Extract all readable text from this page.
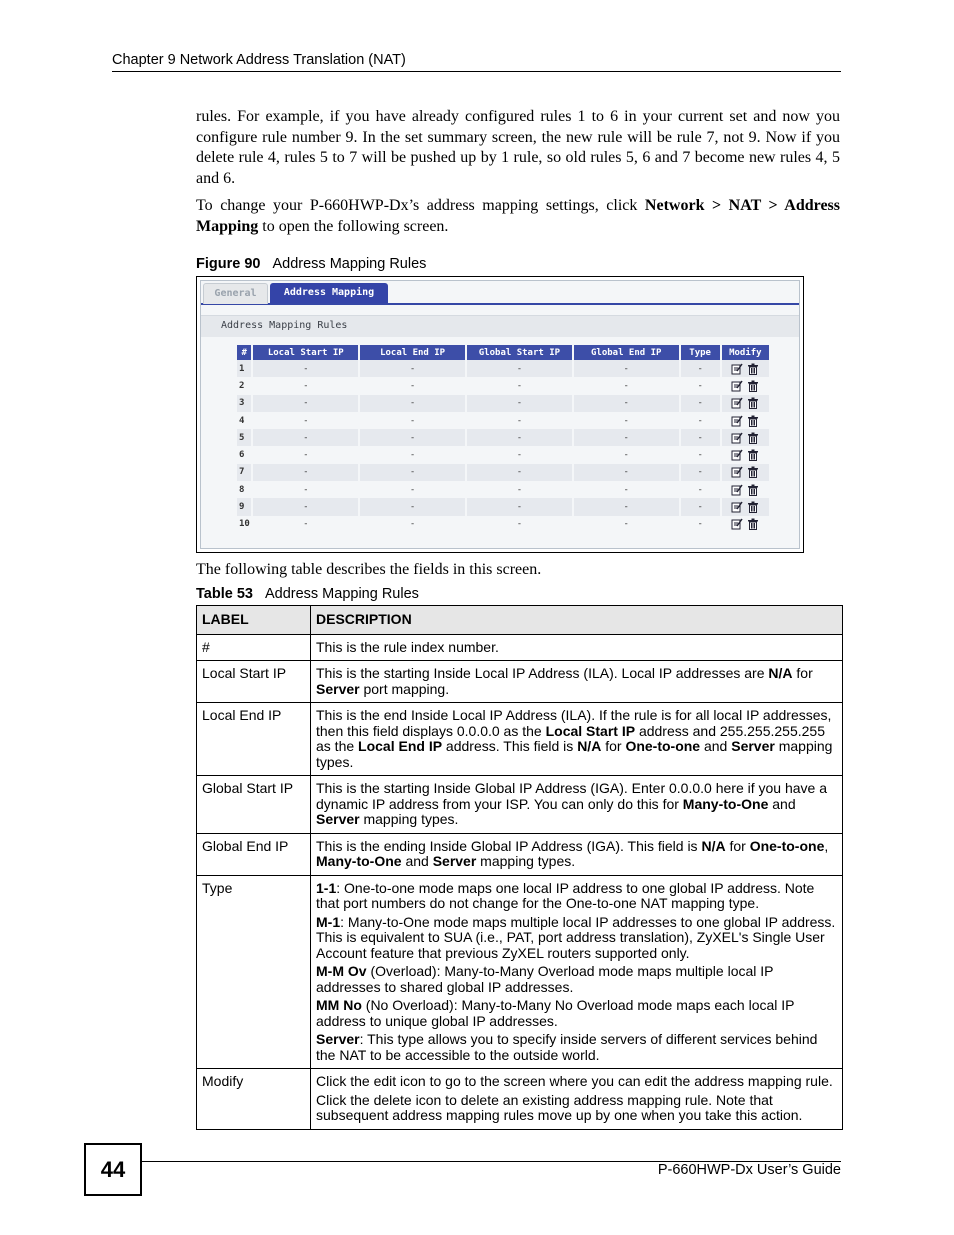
Chapter 9 Network Address Translation (NAT)
rules. For example, if you have already configured rules 1 to 6 in your current set and now you configure rule number 9. In the set summary screen, the new rule will be rule 7, not 9. Now if you delete rule 4, rules 5 to 7 will be pushed up by 1 rule, so old rules 5, 6 and 7 become new rules 4, 5 and 6.
To change your P-660HWP-Dx’s address mapping settings, click Network > NAT > Address Mapping to open the following screen.
Figure 90 Address Mapping Rules
General	Address Mapping
Address Mapping Rules
#	Local Start IP	Local End IP	Global Start IP	Global End IP	Type	Modify
1	-	-	-	-	-	
2	-	-	-	-	-	
3	-	-	-	-	-	
4	-	-	-	-	-	
5	-	-	-	-	-	
6	-	-	-	-	-	
7	-	-	-	-	-	
8	-	-	-	-	-	
9	-	-	-	-	-	
10	-	-	-	-	-	
The following table describes the fields in this screen.
Table 53 Address Mapping Rules
LABEL	DESCRIPTION
#	This is the rule index number.

Local Start IP	This is the starting Inside Local IP Address (ILA). Local IP addresses are N/A for Server port mapping.

Local End IP	This is the end Inside Local IP Address (ILA). If the rule is for all local IP addresses, then this field displays 0.0.0.0 as the Local Start IP address and 255.255.255.255 as the Local End IP address. This field is N/A for One-to-one and Server mapping types.

Global Start IP	This is the starting Inside Global IP Address (IGA). Enter 0.0.0.0 here if you have a dynamic IP address from your ISP. You can only do this for Many-to-One and Server mapping types.

Global End IP	This is the ending Inside Global IP Address (IGA). This field is N/A for One-to-one, Many-to-One and Server mapping types.

Type	1-1: One-to-one mode maps one local IP address to one global IP address. Note that port numbers do not change for the One-to-one NAT mapping type.

M-1: Many-to-One mode maps multiple local IP addresses to one global IP address. This is equivalent to SUA (i.e., PAT, port address translation), ZyXEL's Single User Account feature that previous ZyXEL routers supported only.

M-M Ov (Overload): Many-to-Many Overload mode maps multiple local IP addresses to shared global IP addresses.

MM No (No Overload): Many-to-Many No Overload mode maps each local IP address to unique global IP addresses.

Server: This type allows you to specify inside servers of different services behind the NAT to be accessible to the outside world.

Modify	Click the edit icon to go to the screen where you can edit the address mapping rule.

Click the delete icon to delete an existing address mapping rule. Note that subsequent address mapping rules move up by one when you take this action.

44	P-660HWP-Dx User’s Guide
